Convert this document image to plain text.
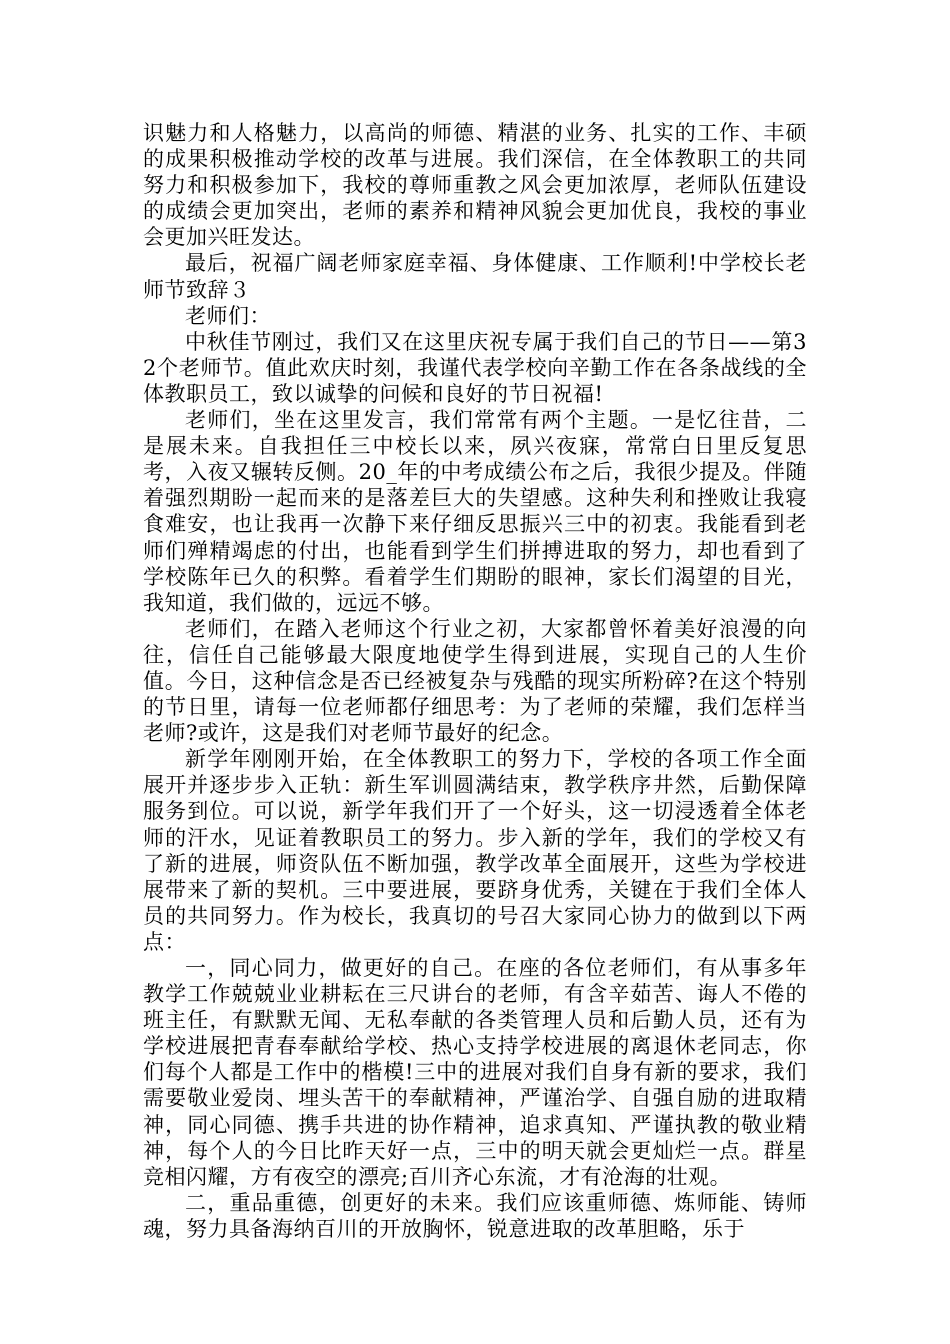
识魅力和人格魅力，以高尚的师德、精湛的业务、扎实的工作、丰硕的成果积极推动学校的改革与进展。我们深信，在全体教职工的共同努力和积极参加下，我校的尊师重教之风会更加浓厚，老师队伍建设的成绩会更加突出，老师的素养和精神风貌会更加优良，我校的事业会更加兴旺发达。

最后，祝福广阔老师家庭幸福、身体健康、工作顺利!中学校长老师节致辞３

老师们：

中秋佳节刚过，我们又在这里庆祝专属于我们自己的节日——第32个老师节。值此欢庆时刻，我谨代表学校向辛勤工作在各条战线的全体教职员工，致以诚挚的问候和良好的节日祝福!

老师们，坐在这里发言，我们常常有两个主题。一是忆往昔，二是展未来。自我担任三中校长以来，夙兴夜寐，常常白日里反复思考，入夜又辗转反侧。20_年的中考成绩公布之后，我很少提及。伴随着强烈期盼一起而来的是落差巨大的失望感。这种失利和挫败让我寝食难安，也让我再一次静下来仔细反思振兴三中的初衷。我能看到老师们殚精竭虑的付出，也能看到学生们拼搏进取的努力，却也看到了学校陈年已久的积弊。看着学生们期盼的眼神，家长们渴望的目光，我知道，我们做的，远远不够。

老师们，在踏入老师这个行业之初，大家都曾怀着美好浪漫的向往，信任自己能够最大限度地使学生得到进展，实现自己的人生价值。今日，这种信念是否已经被复杂与残酷的现实所粉碎?在这个特别的节日里，请每一位老师都仔细思考：为了老师的荣耀，我们怎样当老师?或许，这是我们对老师节最好的纪念。

新学年刚刚开始，在全体教职工的努力下，学校的各项工作全面展开并逐步步入正轨：新生军训圆满结束，教学秩序井然，后勤保障服务到位。可以说，新学年我们开了一个好头，这一切浸透着全体老师的汗水，见证着教职员工的努力。步入新的学年，我们的学校又有了新的进展，师资队伍不断加强，教学改革全面展开，这些为学校进展带来了新的契机。三中要进展，要跻身优秀，关键在于我们全体人员的共同努力。作为校长，我真切的号召大家同心协力的做到以下两点：

一，同心同力，做更好的自己。在座的各位老师们，有从事多年教学工作兢兢业业耕耘在三尺讲台的老师，有含辛茹苦、诲人不倦的班主任，有默默无闻、无私奉献的各类管理人员和后勤人员，还有为学校进展把青春奉献给学校、热心支持学校进展的离退休老同志，你们每个人都是工作中的楷模!三中的进展对我们自身有新的要求，我们需要敬业爱岗、埋头苦干的奉献精神，严谨治学、自强自励的进取精神，同心同德、携手共进的协作精神，追求真知、严谨执教的敬业精神，每个人的今日比昨天好一点，三中的明天就会更灿烂一点。群星竞相闪耀，方有夜空的漂亮;百川齐心东流，才有沧海的壮观。

二，重品重德，创更好的未来。我们应该重师德、炼师能、铸师魂，努力具备海纳百川的开放胸怀，锐意进取的改革胆略，乐于
